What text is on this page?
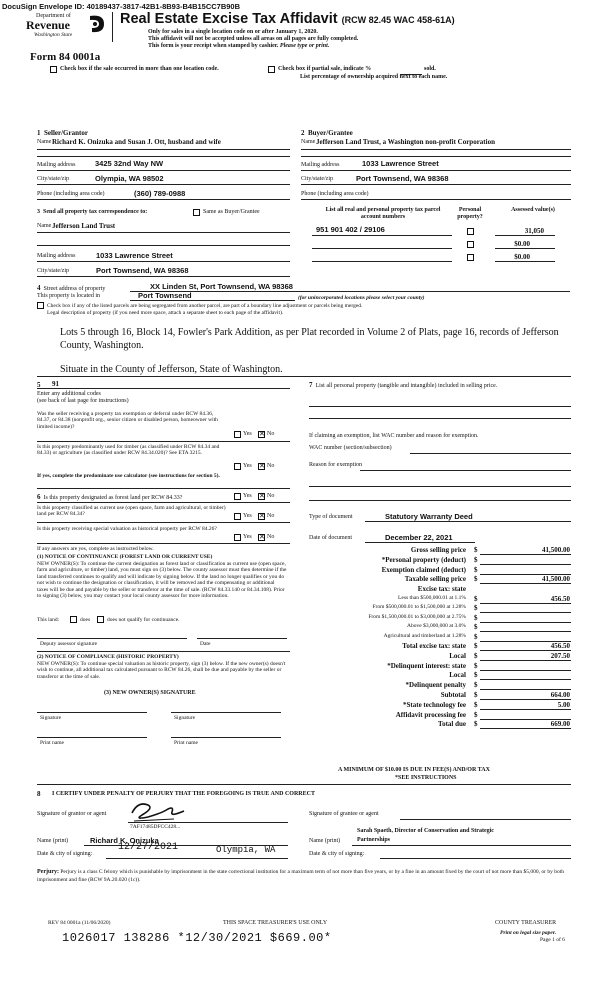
DocuSign Envelope ID: 40189437-3817-42B1-8B93-B4B15CC7B90B
Department of
Revenue
Washington State
Real Estate Excise Tax Affidavit (RCW 82.45 WAC 458-61A)
Only for sales in a single location code on or after January 1, 2020.
This affidavit will not be accepted unless all areas on all pages are fully completed.
This form is your receipt when stamped by cashier. Please type or print.
Form 84 0001a
Check box if the sale occurred in more than one location code.	Check box if partial sale, indicate %	sold.
List percentage of ownership acquired next to each name.
1 Seller/Grantor
Name Richard K. Onizuka and Susan J. Ott, husband and wife
Mailing address	3425 32nd Way NW
City/state/zip	Olympia, WA 98502
Phone (including area code)	(360) 789-0988
2 Buyer/Grantee
Name Jefferson Land Trust, a Washington non-profit Corporation
Mailing address	1033 Lawrence Street
City/state/zip	Port Townsend, WA 98368
Phone (including area code)
3 Send all property tax correspondence to:	Same as Buyer/Grantee
Name Jefferson Land Trust
Mailing address	1033 Lawrence Street
City/state/zip	Port Townsend, WA 98368
List all real and personal property tax parcel account numbers
Personal property?
Assessed value(s)
951 901 402 / 29106	31,050
$0.00
$0.00
4 Street address of property	XX Linden St, Port Townsend, WA 98368
This property is located in	Port Townsend	(for unincorporated locations please select your county)
Check box if any of the listed parcels are being segregated from another parcel, are part of a boundary line adjustment or parcels being merged.
Legal description of property (if you need more space, attach a separate sheet to each page of the affidavit).
Lots 5 through 16, Block 14, Fowler's Park Addition, as per Plat recorded in Volume 2 of Plats, page 16, records of Jefferson County, Washington.
Situate in the County of Jefferson, State of Washington.
5 91
Enter any additional codes
(see back of last page for instructions)
Was the seller receiving a property tax exemption or deferral under RCW 84.36, 84.37, or 84.38 (nonprofit org., senior citizen or disabled person, homeowner with limited income)?
Yes ✕ No
Is this property predominantly used for timber (as classified under RCW 84.34 and 84.33) or agriculture (as classified under RCW 84.34.020)? See ETA 3215.
Yes ✕ No
If yes, complete the predominate use calculator (see instructions for section 5).
6 Is this property designated as forest land per RCW 84.33?	Yes ✕ No
Is this property classified as current use (open space, farm and agricultural, or timber) land per RCW 84.34?	Yes ✕ No
Is this property receiving special valuation as historical property per RCW 84.26?
Yes ✕ No
If any answers are yes, complete as instructed below.
(1) NOTICE OF CONTINUANCE (FOREST LAND OR CURRENT USE)
NEW OWNER(S): To continue the current designation as forest land or classification as current use (open space, farm and agriculture, or timber) land, you must sign on (3) below. The county assessor must then determine if the land transferred continues to qualify and will indicate by signing below. If the land no longer qualifies or you do not wish to continue the designation or classification, it will be removed and the compensating or additional taxes will be due and payable by the seller or transferor at the time of sale. (RCW 84.33.140 or 84.34.108). Prior to signing (3) below, you may contact your local county assessor for more information.
This land:	does	does not qualify for continuance.
Deputy assessor signature	Date
(2) NOTICE OF COMPLIANCE (HISTORIC PROPERTY)
NEW OWNER(S): To continue special valuation as historic property, sign (3) below. If the new owner(s) doesn't wish to continue, all additional tax calculated pursuant to RCW 84.26, shall be due and payable by the seller or transferor at the time of sale.
(3) NEW OWNER(S) SIGNATURE
Signature	Signature
Print name	Print name
7 List all personal property (tangible and intangible) included in selling price.
If claiming an exemption, list WAC number and reason for exemption.
WAC number (section/subsection)
Reason for exemption
Type of document	Statutory Warranty Deed
Date of document	December 22, 2021
Gross selling price $	41,500.00
*Personal property (deduct) $
Exemption claimed (deduct) $
Taxable selling price $	41,500.00
Excise tax: state
Less than $500,000.01 at 1.1% $	456.50
From $500,000.01 to $1,500,000 at 1.28% $
From $1,500,000.01 to $3,000,000 at 2.75% $
Above $3,000,000 at 3.0% $
Agricultural and timberland at 1.28% $
Total excise tax: state $	456.50
Local $	207.50
*Delinquent interest: state $
Local $
*Delinquent penalty $
Subtotal $	664.00
*State technology fee $	5.00
Affidavit processing fee $
Total due $	669.00
A MINIMUM OF $10.00 IS DUE IN FEE(S) AND/OR TAX
*SEE INSTRUCTIONS
8 I CERTIFY UNDER PENALTY OF PERJURY THAT THE FOREGOING IS TRUE AND CORRECT
Signature of grantor or agent
7AF17485DFCC428...
Name (print)	Richard K. Onizuka
Date & city of signing:
12/27/2021	Olympia, WA
Signature of grantee or agent
Sarah Spaeth, Director of Conservation and Strategic
Name (print)	Partnerships
Date & city of signing:
Perjury: Perjury is a class C felony which is punishable by imprisonment in the state correctional institution for a maximum term of not more than five years, or by a fine in an amount fixed by the court of not more than $5,000, or by both imprisonment and fine (RCW 9A.20.020 (1c)).
REV 84 0001a (11/06/2020)	THIS SPACE TREASURER'S USE ONLY
1026017 138286 *12/30/2021 $669.00*
COUNTY TREASURER
Print on legal size paper.
Page 1 of 6
